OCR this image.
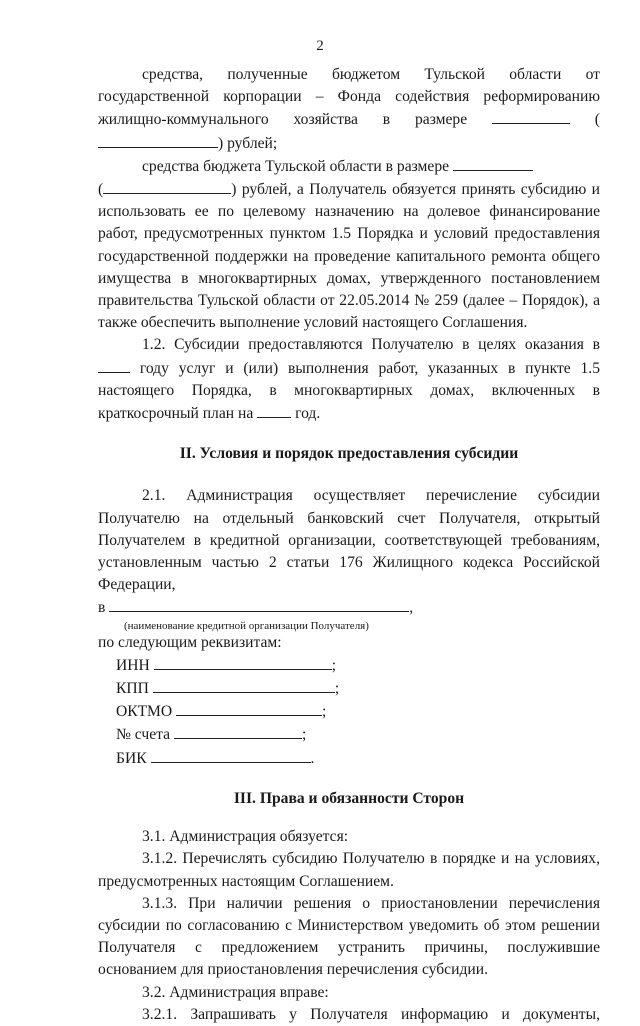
2

средства, полученные бюджетом Тульской области от государственной корпорации – Фонда содействия реформированию жилищно-коммунального хозяйства в размере	() рублей;

средства бюджета Тульской области в размере
(	) рублей, а Получатель обязуется принять субсидию и использовать ее по целевому назначению на долевое финансирование работ, предусмотренных пунктом 1.5 Порядка и условий предоставления государственной поддержки на проведение капитального ремонта общего имущества в многоквартирных домах, утвержденного постановлением правительства Тульской области от 22.05.2014 № 259 (далее – Порядок), а также обеспечить выполнение условий настоящего Соглашения.

1.2. Субсидии предоставляются Получателю в целях оказания в  году услуг и (или) выполнения работ, указанных в пункте 1.5 настоящего Порядка, в многоквартирных домах, включенных в краткосрочный план на	год.

II. Условия и порядок предоставления субсидии

2.1. Администрация осуществляет перечисление субсидии Получателю на отдельный банковский счет Получателя, открытый Получателем в кредитной организации, соответствующей требованиям, установленным частью 2 статьи 176 Жилищного кодекса Российской Федерации,

в	,

(наименование кредитной организации Получателя)

по следующим реквизитам:

ИНН	;
КПП	;
ОКТМО	;
№ счета	;
БИК	.

III. Права и обязанности Сторон

3.1. Администрация обязуется:

3.1.2. Перечислять субсидию Получателю в порядке и на условиях, предусмотренных настоящим Соглашением.

3.1.3. При наличии решения о приостановлении перечисления субсидии по согласованию с Министерством уведомить об этом решении Получателя с предложением устранить причины, послужившие основанием для приостановления перечисления субсидии.

3.2. Администрация вправе:

3.2.1. Запрашивать у Получателя информацию и документы,
